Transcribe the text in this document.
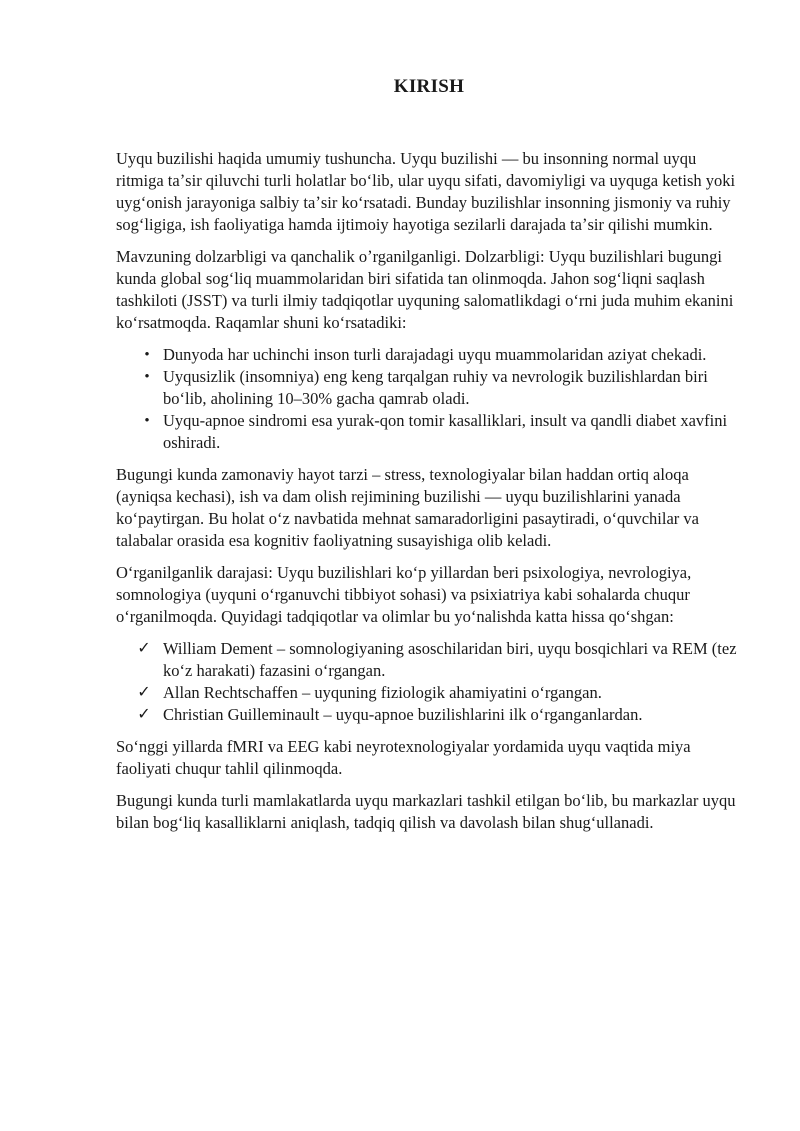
KIRISH

Uyqu buzilishi haqida umumiy tushuncha. Uyqu buzilishi — bu insonning normal uyqu ritmiga taʼsir qiluvchi turli holatlar boʻlib, ular uyqu sifati, davomiyligi va uyquga ketish yoki uygʻonish jarayoniga salbiy taʼsir koʻrsatadi. Bunday buzilishlar insonning jismoniy va ruhiy sogʻligiga, ish faoliyatiga hamda ijtimoiy hayotiga sezilarli darajada taʼsir qilishi mumkin.

Mavzuning dolzarbligi va qanchalik oʼrganilganligi. Dolzarbligi: Uyqu buzilishlari bugungi kunda global sogʻliq muammolaridan biri sifatida tan olinmoqda. Jahon sogʻliqni saqlash tashkiloti (JSST) va turli ilmiy tadqiqotlar uyquning salomatlikdagi oʻrni juda muhim ekanini koʻrsatmoqda. Raqamlar shuni koʻrsatadiki:

• Dunyoda har uchinchi inson turli darajadagi uyqu muammolaridan aziyat chekadi.
• Uyqusizlik (insomniya) eng keng tarqalgan ruhiy va nevrologik buzilishlardan biri boʻlib, aholining 10–30% gacha qamrab oladi.
• Uyqu-apnoe sindromi esa yurak-qon tomir kasalliklari, insult va qandli diabet xavfini oshiradi.

Bugungi kunda zamonaviy hayot tarzi – stress, texnologiyalar bilan haddan ortiq aloqa (ayniqsa kechasi), ish va dam olish rejimining buzilishi — uyqu buzilishlarini yanada koʻpaytirgan. Bu holat oʻz navbatida mehnat samaradorligini pasaytiradi, oʻquvchilar va talabalar orasida esa kognitiv faoliyatning susayishiga olib keladi.

Oʻrganilganlik darajasi: Uyqu buzilishlari koʻp yillardan beri psixologiya, nevrologiya, somnologiya (uyquni oʻrganuvchi tibbiyot sohasi) va psixiatriya kabi sohalarda chuqur oʻrganilmoqda. Quyidagi tadqiqotlar va olimlar bu yoʻnalishda katta hissa qoʻshgan:

✓ William Dement – somnologiyaning asoschilaridan biri, uyqu bosqichlari va REM (tez koʻz harakati) fazasini oʻrgangan.
✓ Allan Rechtschaffen – uyquning fiziologik ahamiyatini oʻrgangan.
✓ Christian Guilleminault – uyqu-apnoe buzilishlarini ilk oʻrganganlardan.

Soʻnggi yillarda fMRI va EEG kabi neyrotexnologiyalar yordamida uyqu vaqtida miya faoliyati chuqur tahlil qilinmoqda.

Bugungi kunda turli mamlakatlarda uyqu markazlari tashkil etilgan boʻlib, bu markazlar uyqu bilan bogʻliq kasalliklarni aniqlash, tadqiq qilish va davolash bilan shugʻullanadi.
